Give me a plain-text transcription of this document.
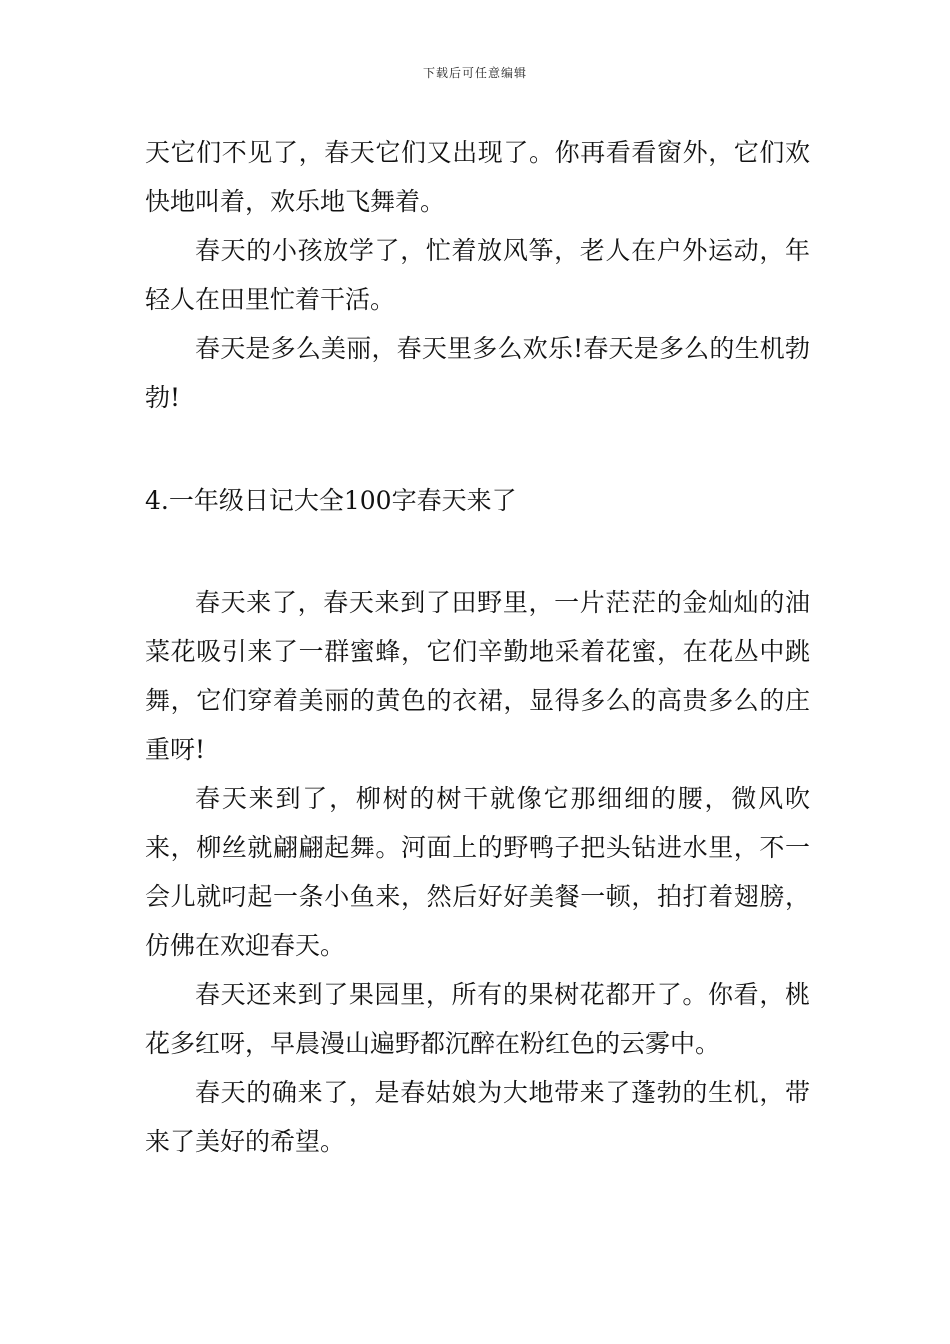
下载后可任意编辑

天它们不见了，春天它们又出现了。你再看看窗外，它们欢快地叫着，欢乐地飞舞着。

春天的小孩放学了，忙着放风筝，老人在户外运动，年轻人在田里忙着干活。

春天是多么美丽，春天里多么欢乐!春天是多么的生机勃勃!

4.一年级日记大全100字春天来了

春天来了，春天来到了田野里，一片茫茫的金灿灿的油菜花吸引来了一群蜜蜂，它们辛勤地采着花蜜，在花丛中跳舞，它们穿着美丽的黄色的衣裙，显得多么的高贵多么的庄重呀!

春天来到了，柳树的树干就像它那细细的腰，微风吹来，柳丝就翩翩起舞。河面上的野鸭子把头钻进水里，不一会儿就叼起一条小鱼来，然后好好美餐一顿，拍打着翅膀，仿佛在欢迎春天。

春天还来到了果园里，所有的果树花都开了。你看，桃花多红呀，早晨漫山遍野都沉醉在粉红色的云雾中。

春天的确来了，是春姑娘为大地带来了蓬勃的生机，带来了美好的希望。
